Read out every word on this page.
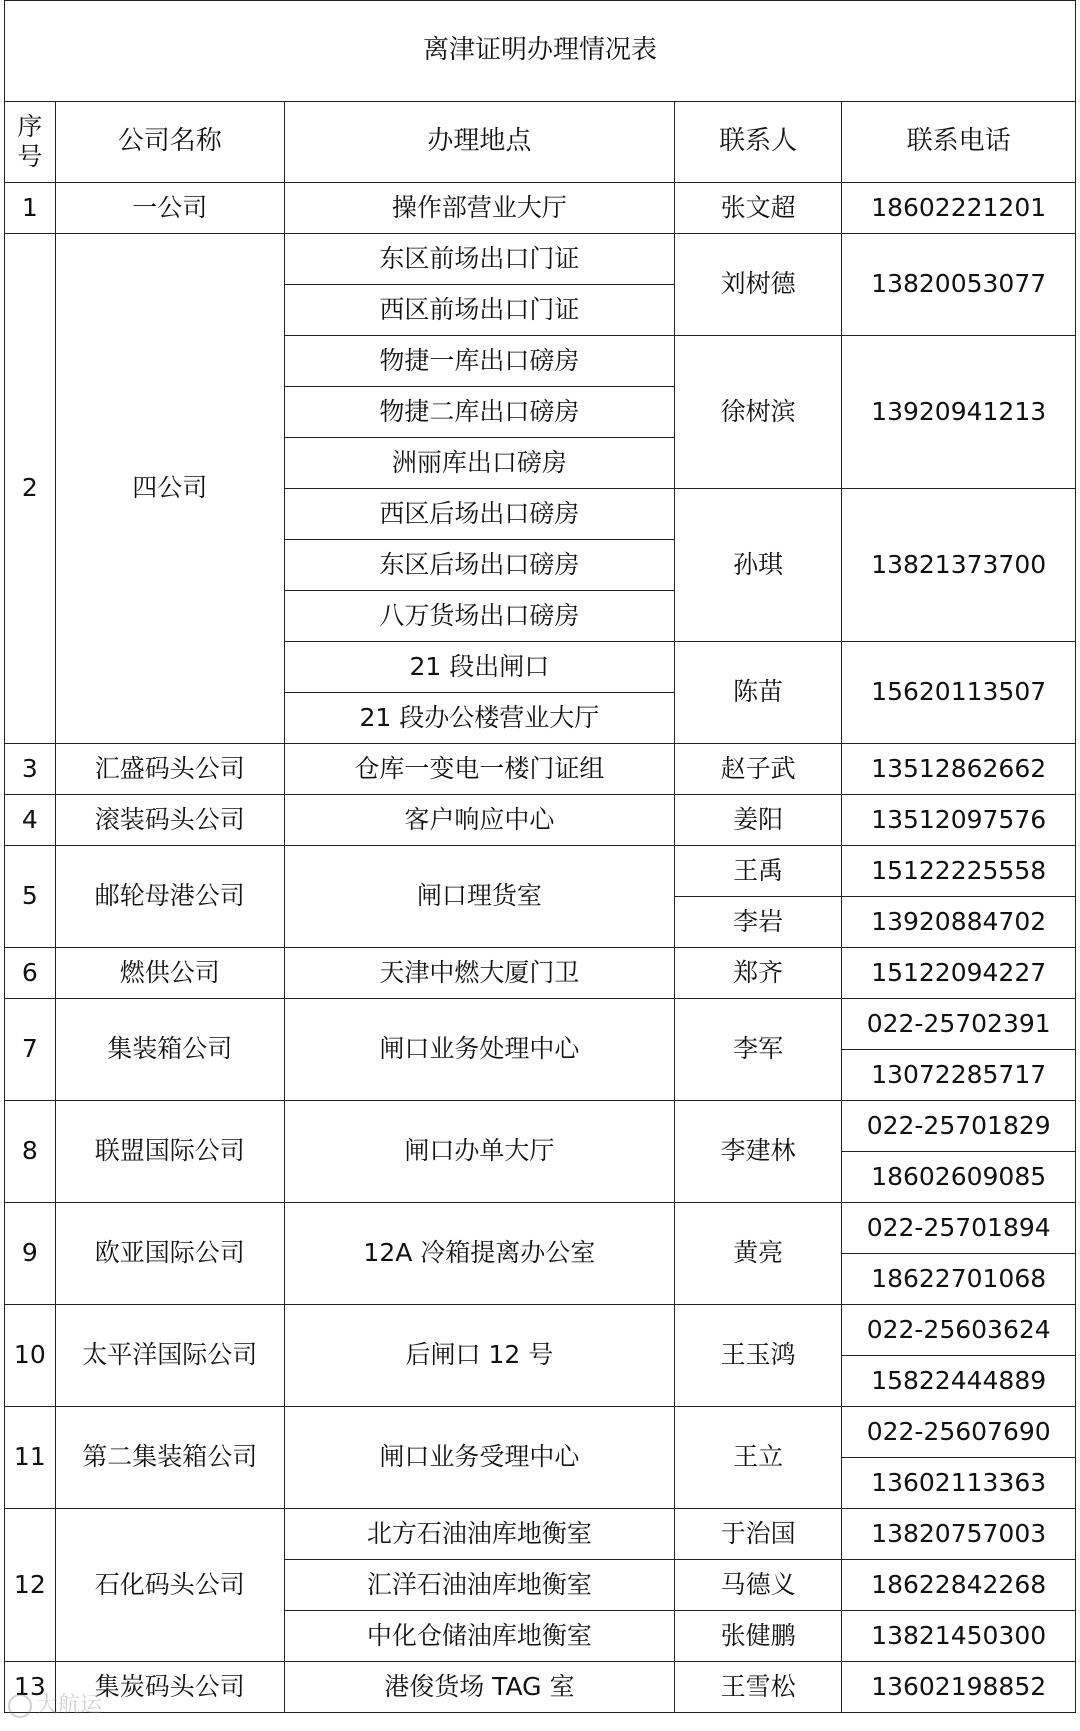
离津证明办理情况表				
序号	公司名称	办理地点	联系人	联系电话
1	一公司	操作部营业大厅	张文超	18602221201
2	四公司	东区前场出口门证	刘树德	13820053077
		西区前场出口门证		
		物捷一库出口磅房	徐树滨	13920941213
		物捷二库出口磅房		
		洲丽库出口磅房		
		西区后场出口磅房	孙琪	13821373700
		东区后场出口磅房		
		八万货场出口磅房		
		21 段出闸口	陈苗	15620113507
		21 段办公楼营业大厅		
3	汇盛码头公司	仓库一变电一楼门证组	赵子武	13512862662
4	滚装码头公司	客户响应中心	姜阳	13512097576
5	邮轮母港公司	闸口理货室	王禹	15122225558
			李岩	13920884702
6	燃供公司	天津中燃大厦门卫	郑齐	15122094227
7	集装箱公司	闸口业务处理中心	李军	022-25702391
				13072285717
8	联盟国际公司	闸口办单大厅	李建林	022-25701829
				18602609085
9	欧亚国际公司	12A 冷箱提离办公室	黄亮	022-25701894
				18622701068
10	太平洋国际公司	后闸口 12 号	王玉鸿	022-25603624
				15822444889
11	第二集装箱公司	闸口业务受理中心	王立	022-25607690
				13602113363
12	石化码头公司	北方石油油库地衡室	于治国	13820757003
		汇洋石油油库地衡室	马德义	18622842268
		中化仓储油库地衡室	张健鹏	13821450300
13	集炭码头公司	港俊货场 TAG 室	王雪松	13602198852
大航运
